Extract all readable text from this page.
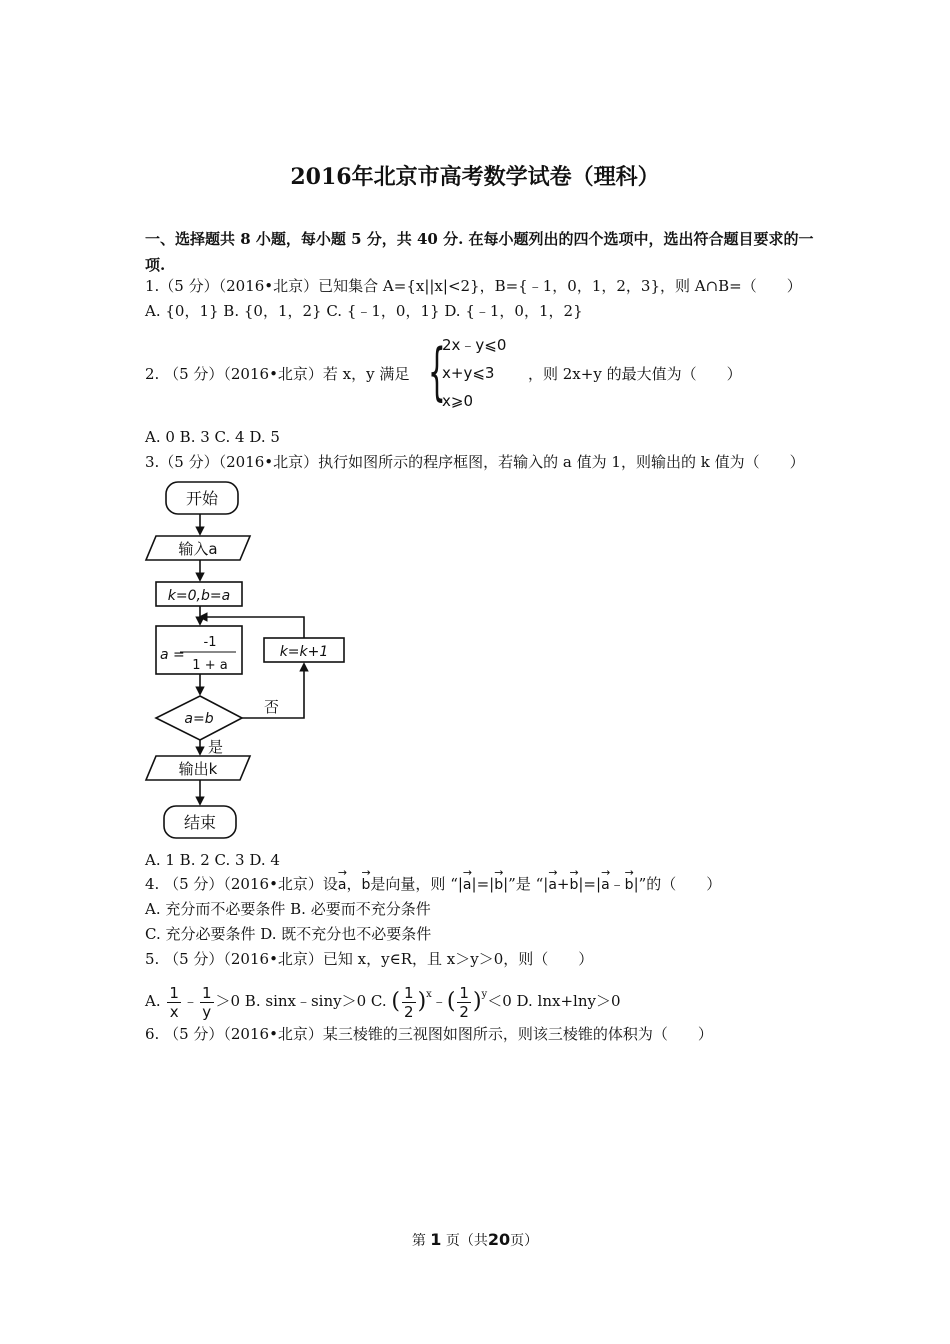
2016年北京市高考数学试卷（理科）
一、选择题共 8 小题，每小题 5 分，共 40 分. 在每小题列出的四个选项中，选出符合题目要求的一项.
1.（5 分）（2016•北京）已知集合 A={x||x|<2}，B={﹣1，0，1，2，3}，则 A∩B=（　　）
A. {0，1} B. {0，1，2} C. {﹣1，0，1} D. {﹣1，0，1，2}
2. （5 分）（2016•北京）若 x，y 满足 {
2x﹣y⩽0
x+y⩽3
x⩾0
，则 2x+y 的最大值为（　　）
A. 0 B. 3 C. 4 D. 5
3.（5 分）（2016•北京）执行如图所示的程序框图，若输入的 a 值为 1，则输出的 k 值为（　　）
开始
输入a
k=0,b=a
a =
-1
1 + a
k=k+1
a=b
否
是
输出k
结束
A. 1 B. 2 C. 3 D. 4
4. （5 分）（2016•北京）设→ a，→ b是向量，则 “|→ a|=|→ b|”是 “|→ a+→ b|=|→ a﹣→ b|”的（　　）
A. 充分而不必要条件 B. 必要而不充分条件
C. 充分必要条件 D. 既不充分也不必要条件
5. （5 分）（2016•北京）已知 x，y∈R，且 x＞y＞0，则（　　）
A. $\frac{1}{x}$ ﹣ $\frac{1}{y} >0$ B. sinx﹣siny＞0 C. ( $\frac{1}{2}$ )$^x$﹣( $\frac{1}{2} )^y<0$ D. lnx+lny＞0
6. （5 分）（2016•北京）某三棱锥的三视图如图所示，则该三棱锥的体积为（　　）
第 1 页（共20页）
